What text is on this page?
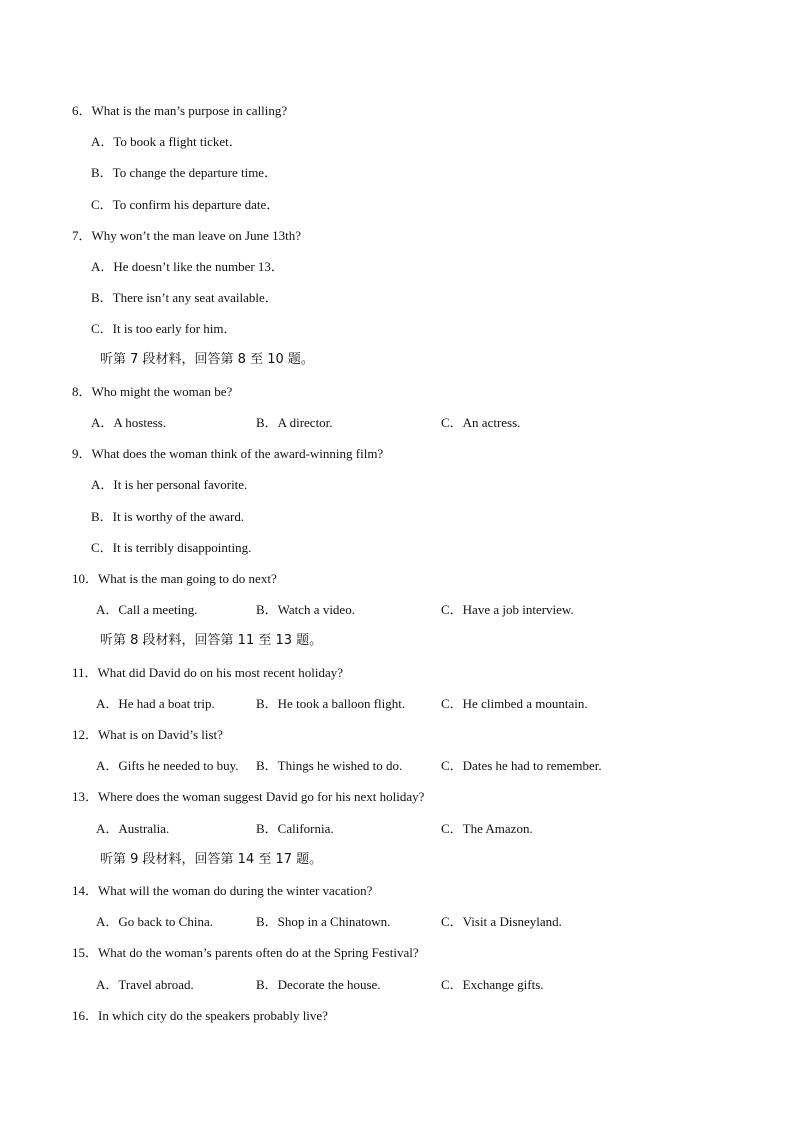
6．What is the man’s purpose in calling?
A．To book a flight ticket．
B．To change the departure time．
C．To confirm his departure date．
7．Why won’t the man leave on June 13th?
A．He doesn’t like the number 13．
B．There isn’t any seat available．
C．It is too early for him．
听第 7 段材料，回答第 8 至 10 题。
8．Who might the woman be?
A．A hostess.	B．A director.	C．An actress.
9．What does the woman think of the award-winning film?
A．It is her personal favorite.
B．It is worthy of the award.
C．It is terribly disappointing.
10．What is the man going to do next?
A．Call a meeting.	B．Watch a video.	C．Have a job interview.
听第 8 段材料，回答第 11 至 13 题。
11．What did David do on his most recent holiday?
A．He had a boat trip.	B．He took a balloon flight.	C．He climbed a mountain.
12．What is on David’s list?
A．Gifts he needed to buy. B．Things he wished to do.	C．Dates he had to remember.
13．Where does the woman suggest David go for his next holiday?
A．Australia.	B．California.	C．The Amazon.
听第 9 段材料，回答第 14 至 17 题。
14．What will the woman do during the winter vacation?
A．Go back to China.	B．Shop in a Chinatown.	C．Visit a Disneyland.
15．What do the woman’s parents often do at the Spring Festival?
A．Travel abroad.	B．Decorate the house.	C．Exchange gifts.
16．In which city do the speakers probably live?
